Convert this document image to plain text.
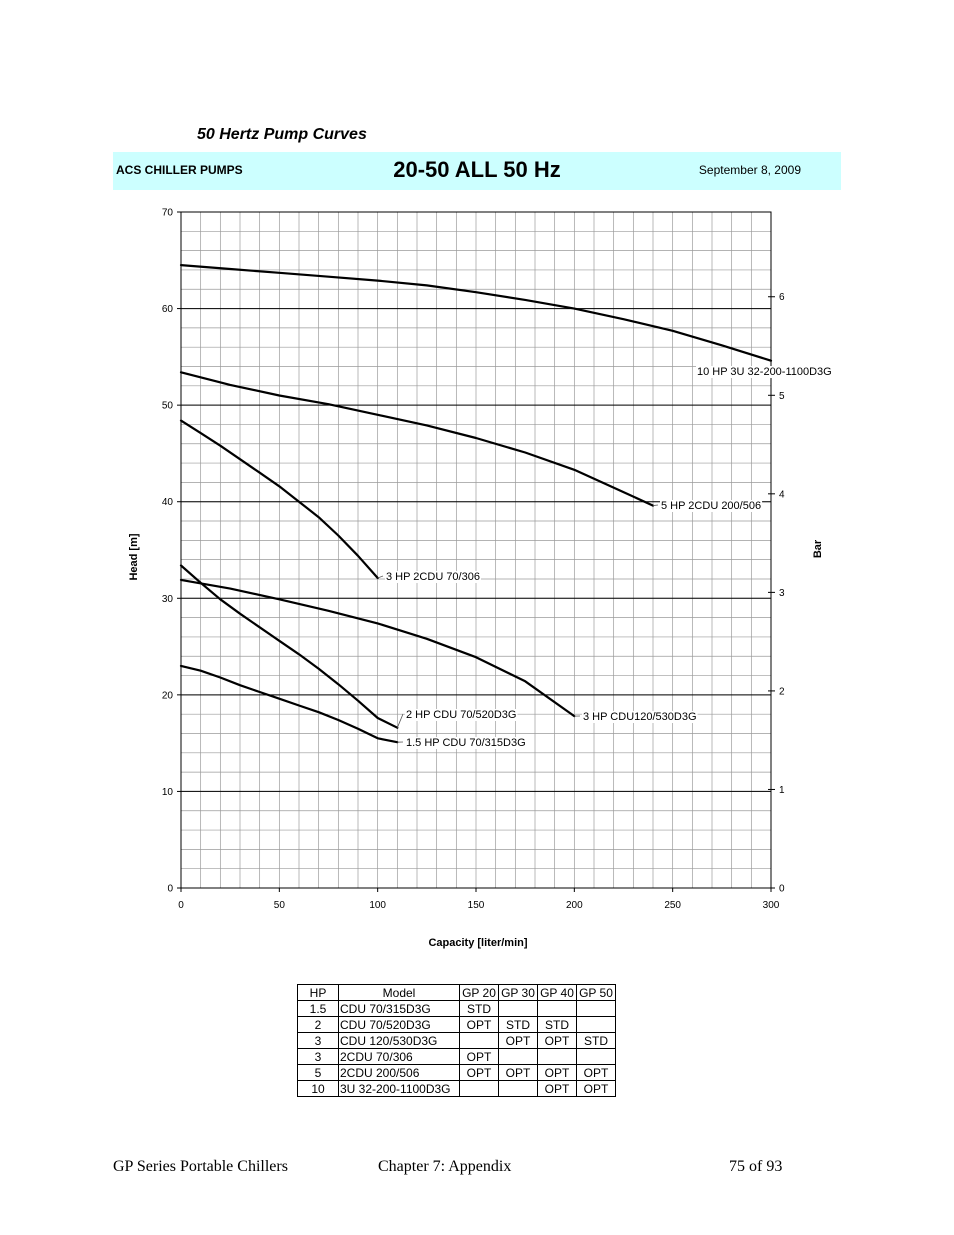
50 Hertz Pump Curves
ACS CHILLER PUMPS	20-50 ALL 50 Hz	September 8, 2009
0	50	100	150	200	250	300
0
10
20
30
40
50
60
70
0
1
2
3
4
5
6
10 HP 3U 32-200-1100D3G
5 HP 2CDU 200/506
3 HP 2CDU 70/306
3 HP CDU120/530D3G
2 HP CDU 70/520D3G
1.5 HP CDU 70/315D3G
Capacity [liter/min]
Head [m]	Bar
HP	Model	GP 20	GP 30	GP 40	GP 50
1.5	CDU 70/315D3G	STD			
2	CDU 70/520D3G	OPT	STD	STD	
3	CDU 120/530D3G		OPT	OPT	STD
3	2CDU 70/306	OPT			
5	2CDU 200/506	OPT	OPT	OPT	OPT
10	3U 32-200-1100D3G			OPT	OPT
GP Series Portable Chillers	Chapter 7: Appendix	75 of 93
